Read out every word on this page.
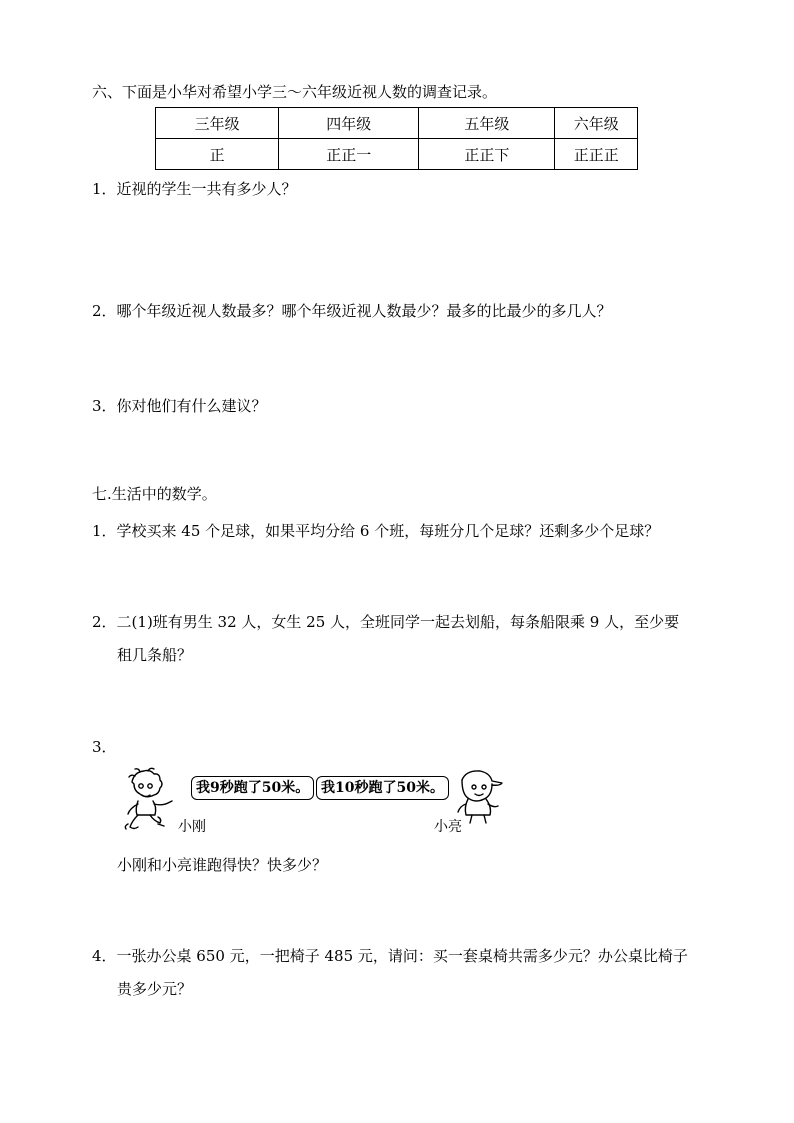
六、下面是小华对希望小学三～六年级近视人数的调查记录。
三年级	四年级	五年级	六年级
正	正正一	正正下	正正正
1．近视的学生一共有多少人？
2．哪个年级近视人数最多？哪个年级近视人数最少？最多的比最少的多几人？
3．你对他们有什么建议？
七.生活中的数学。
1．学校买来 45 个足球，如果平均分给 6 个班，每班分几个足球？还剩多少个足球？
2．二(1)班有男生 32 人，女生 25 人，全班同学一起去划船，每条船限乘 9 人，至少要
租几条船？
3．
我9秒跑了50米。 我10秒跑了50米。
小刚	小亮
小刚和小亮谁跑得快？快多少？
4．一张办公桌 650 元，一把椅子 485 元，请问：买一套桌椅共需多少元？办公桌比椅子
贵多少元？
